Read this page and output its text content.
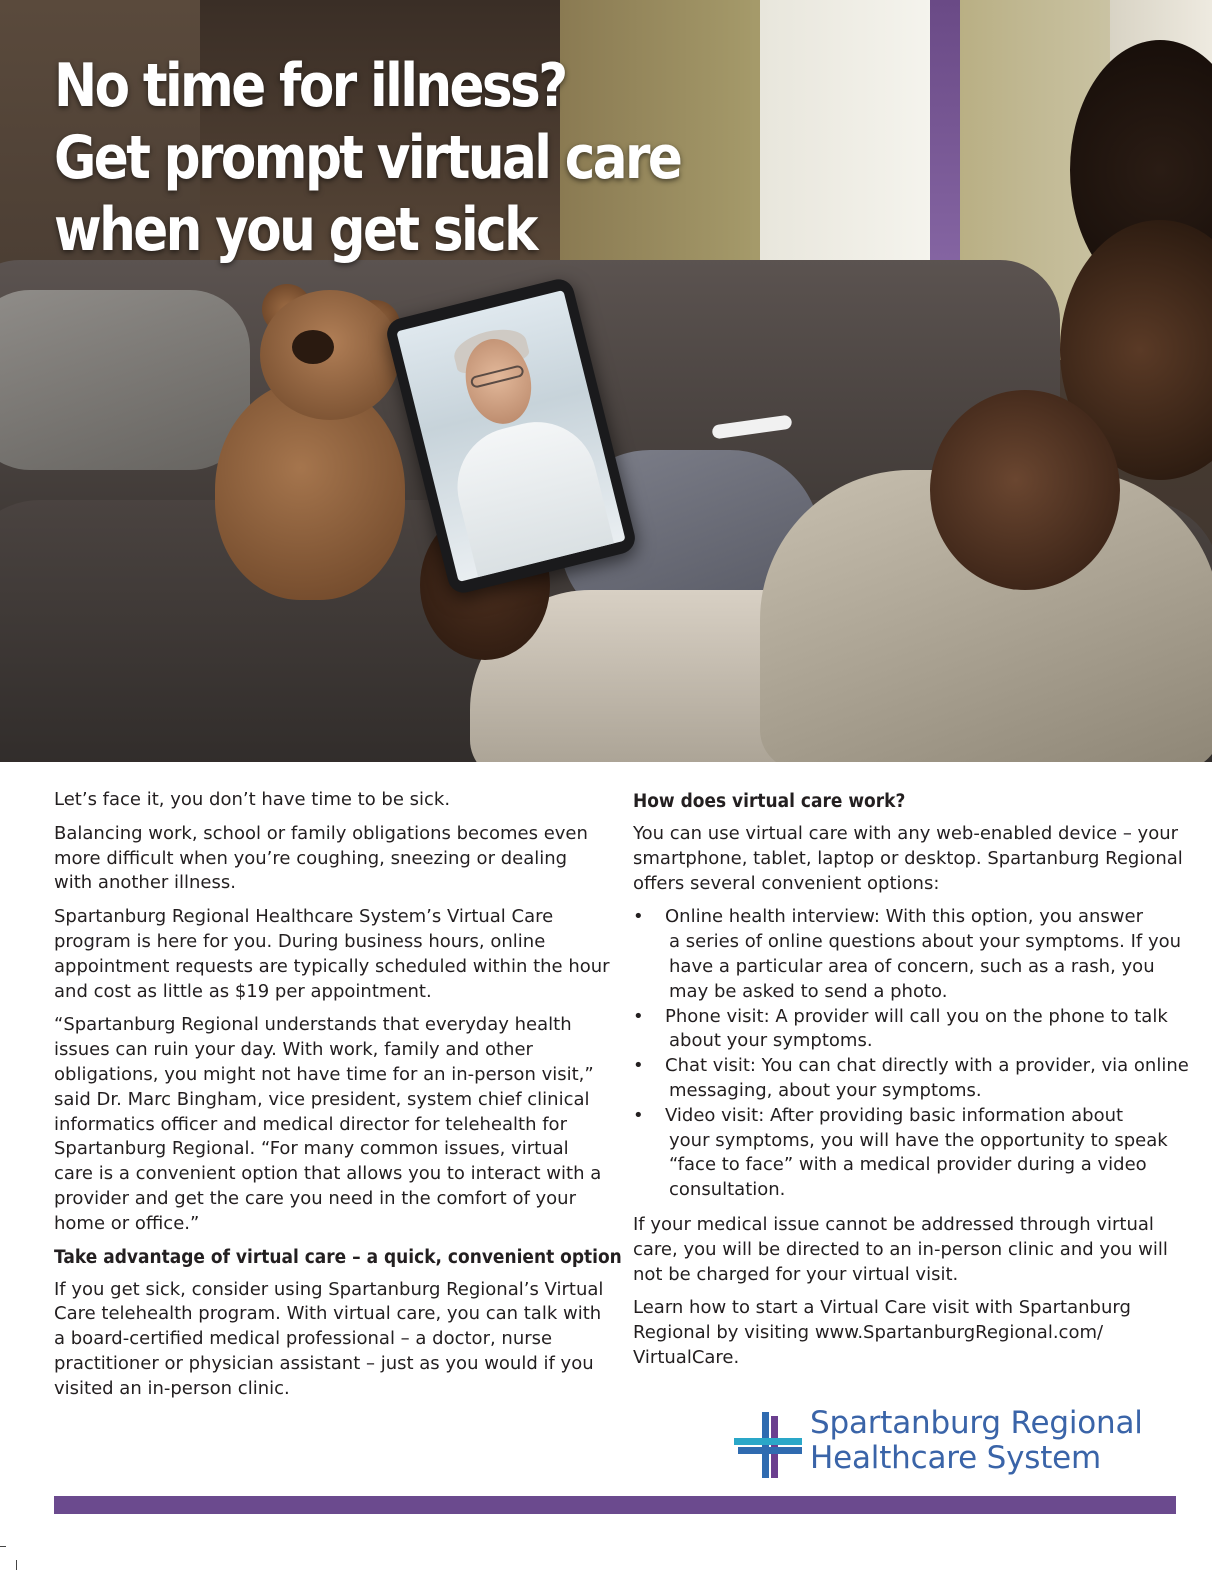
No time for illness?
Get prompt virtual care
when you get sick

Let’s face it, you don’t have time to be sick.

Balancing work, school or family obligations becomes even more difficult when you’re coughing, sneezing or dealing with another illness.

Spartanburg Regional Healthcare System’s Virtual Care program is here for you. During business hours, online appointment requests are typically scheduled within the hour and cost as little as $19 per appointment.

“Spartanburg Regional understands that everyday health issues can ruin your day. With work, family and other obligations, you might not have time for an in-person visit,” said Dr. Marc Bingham, vice president, system chief clinical informatics officer and medical director for telehealth for Spartanburg Regional. “For many common issues, virtual care is a convenient option that allows you to interact with a provider and get the care you need in the comfort of your home or office.”

Take advantage of virtual care – a quick, convenient option

If you get sick, consider using Spartanburg Regional’s Virtual Care telehealth program. With virtual care, you can talk with a board-certified medical professional – a doctor, nurse practitioner or physician assistant – just as you would if you visited an in-person clinic.

How does virtual care work?

You can use virtual care with any web-enabled device – your smartphone, tablet, laptop or desktop. Spartanburg Regional offers several convenient options:

• Online health interview: With this option, you answer
a series of online questions about your symptoms. If you have a particular area of concern, such as a rash, you may be asked to send a photo.
• Phone visit: A provider will call you on the phone to talk
about your symptoms.
• Chat visit: You can chat directly with a provider, via online
messaging, about your symptoms.
• Video visit: After providing basic information about
your symptoms, you will have the opportunity to speak “face to face” with a medical provider during a video consultation.

If your medical issue cannot be addressed through virtual care, you will be directed to an in-person clinic and you will not be charged for your virtual visit.

Learn how to start a Virtual Care visit with Spartanburg Regional by visiting www.SpartanburgRegional.com/ VirtualCare.

Spartanburg Regional
Healthcare System
